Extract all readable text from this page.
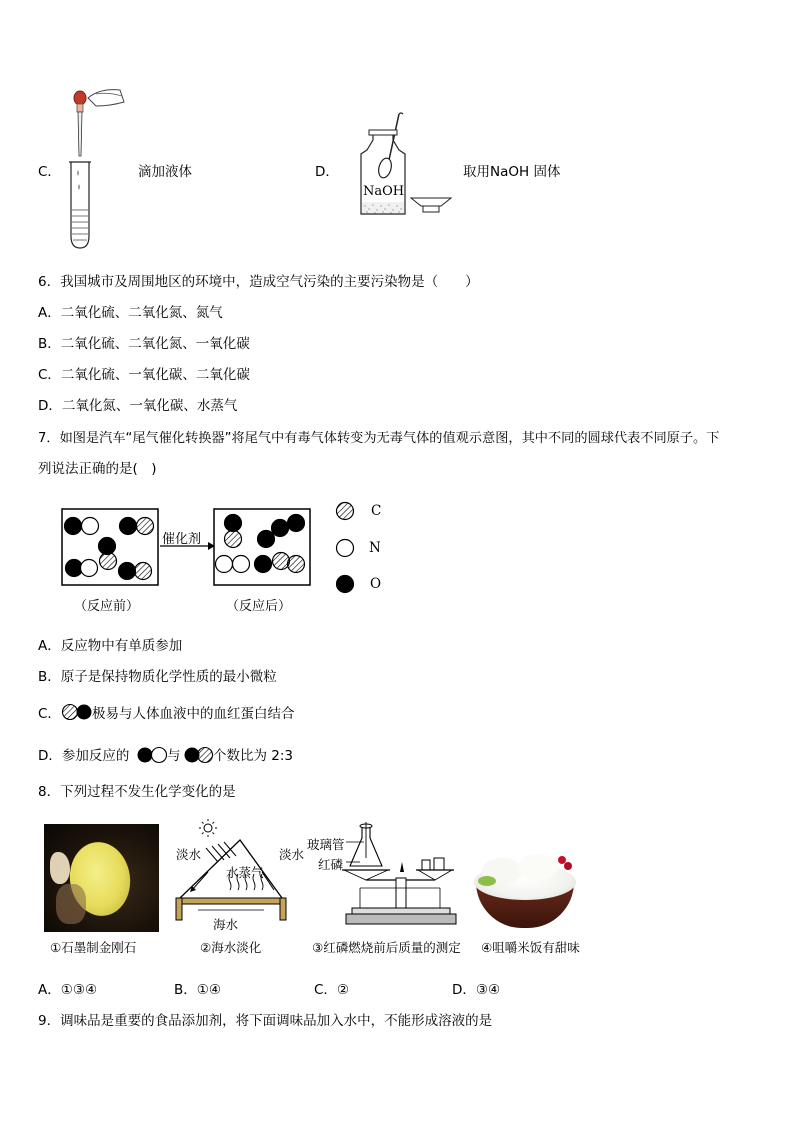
C．	滴加液体	D．
NaOH
取用NaOH 固体
6．我国城市及周围地区的环境中，造成空气污染的主要污染物是（　　）
A．二氧化硫、二氧化氮、氮气
B．二氧化硫、二氧化氮、一氧化碳
C．二氧化硫、一氧化碳、二氧化碳
D．二氧化氮、一氧化碳、水蒸气
7．如图是汽车“尾气催化转换器”将尾气中有毒气体转变为无毒气体的值观示意图，其中不同的圆球代表不同原子。下
列说法正确的是(　)
催化剂
（反应前）	（反应后）
C
N
O
A．反应物中有单质参加
B．原子是保持物质化学性质的最小微粒
C． 极易与人体血液中的血红蛋白结合
D．参加反应的	与 个数比为 2:3
8．下列过程不发生化学变化的是
①石墨制金刚石
淡水
水蒸气
淡水
海水
②海水淡化
玻璃管
红磷
③红磷燃烧前后质量的测定 ④咀嚼米饭有甜味
A．①③④	B．①④	C．②	D．③④
9．调味品是重要的食品添加剂，将下面调味品加入水中，不能形成溶液的是
